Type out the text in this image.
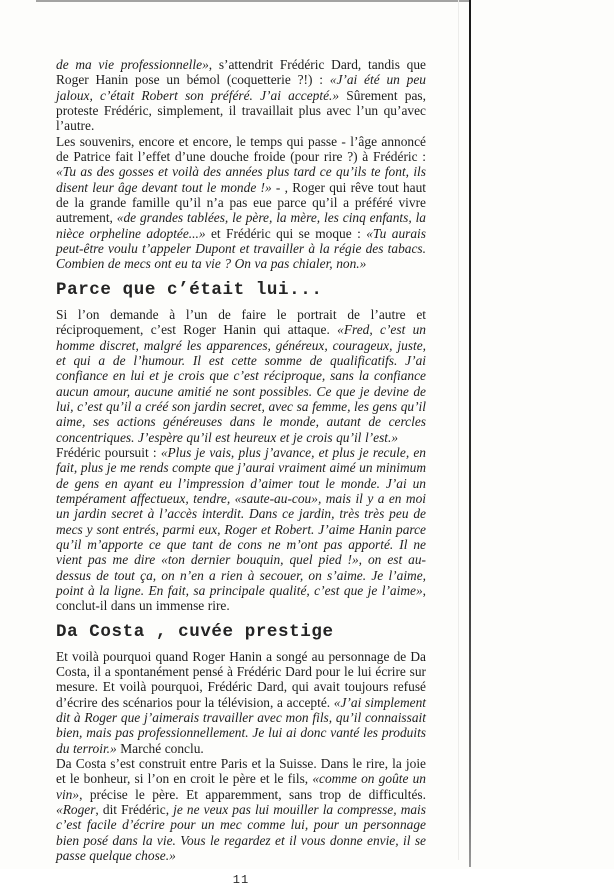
de ma vie professionnelle», s’attendrit Frédéric Dard, tandis que Roger Hanin pose un bémol (coquetterie ?!) : «J’ai été un peu jaloux, c’était Robert son préféré. J’ai accepté.» Sûrement pas, proteste Frédéric, simplement, il travaillait plus avec l’un qu’avec l’autre.

Les souvenirs, encore et encore, le temps qui passe - l’âge annoncé de Patrice fait l’effet d’une douche froide (pour rire ?) à Frédéric : «Tu as des gosses et voilà des années plus tard ce qu’ils te font, ils disent leur âge devant tout le monde !» - , Roger qui rêve tout haut de la grande famille qu’il n’a pas eue parce qu’il a préféré vivre autrement, «de grandes tablées, le père, la mère, les cinq enfants, la nièce orpheline adoptée...» et Frédéric qui se moque : «Tu aurais peut-être voulu t’appeler Dupont et travailler à la régie des tabacs. Combien de mecs ont eu ta vie ? On va pas chialer, non.»

Parce que c’était lui...

Si l’on demande à l’un de faire le portrait de l’autre et réciproquement, c’est Roger Hanin qui attaque. «Fred, c’est un homme discret, malgré les apparences, généreux, courageux, juste, et qui a de l’humour. Il est cette somme de qualificatifs. J’ai confiance en lui et je crois que c’est réciproque, sans la confiance aucun amour, aucune amitié ne sont possibles. Ce que je devine de lui, c’est qu’il a créé son jardin secret, avec sa femme, les gens qu’il aime, ses actions généreuses dans le monde, autant de cercles concentriques. J’espère qu’il est heureux et je crois qu’il l’est.»

Frédéric poursuit : «Plus je vais, plus j’avance, et plus je recule, en fait, plus je me rends compte que j’aurai vraiment aimé un minimum de gens en ayant eu l’impression d’aimer tout le monde. J’ai un tempérament affectueux, tendre, «saute-au-cou», mais il y a en moi un jardin secret à l’accès interdit. Dans ce jardin, très très peu de mecs y sont entrés, parmi eux, Roger et Robert. J’aime Hanin parce qu’il m’apporte ce que tant de cons ne m’ont pas apporté. Il ne vient pas me dire «ton dernier bouquin, quel pied !», on est au-dessus de tout ça, on n’en a rien à secouer, on s’aime. Je l’aime, point à la ligne. En fait, sa principale qualité, c’est que je l’aime», conclut-il dans un immense rire.

Da Costa , cuvée prestige

Et voilà pourquoi quand Roger Hanin a songé au personnage de Da Costa, il a spontanément pensé à Frédéric Dard pour le lui écrire sur mesure. Et voilà pourquoi, Frédéric Dard, qui avait toujours refusé d’écrire des scénarios pour la télévision, a accepté. «J’ai simplement dit à Roger que j’aimerais travailler avec mon fils, qu’il connaissait bien, mais pas professionnellement. Je lui ai donc vanté les produits du terroir.» Marché conclu.

Da Costa s’est construit entre Paris et la Suisse. Dans le rire, la joie et le bonheur, si l’on en croit le père et le fils, «comme on goûte un vin», précise le père. Et apparemment, sans trop de difficultés. «Roger, dit Frédéric, je ne veux pas lui mouiller la compresse, mais c’est facile d’écrire pour un mec comme lui, pour un personnage bien posé dans la vie. Vous le regardez et il vous donne envie, il se passe quelque chose.»

11
